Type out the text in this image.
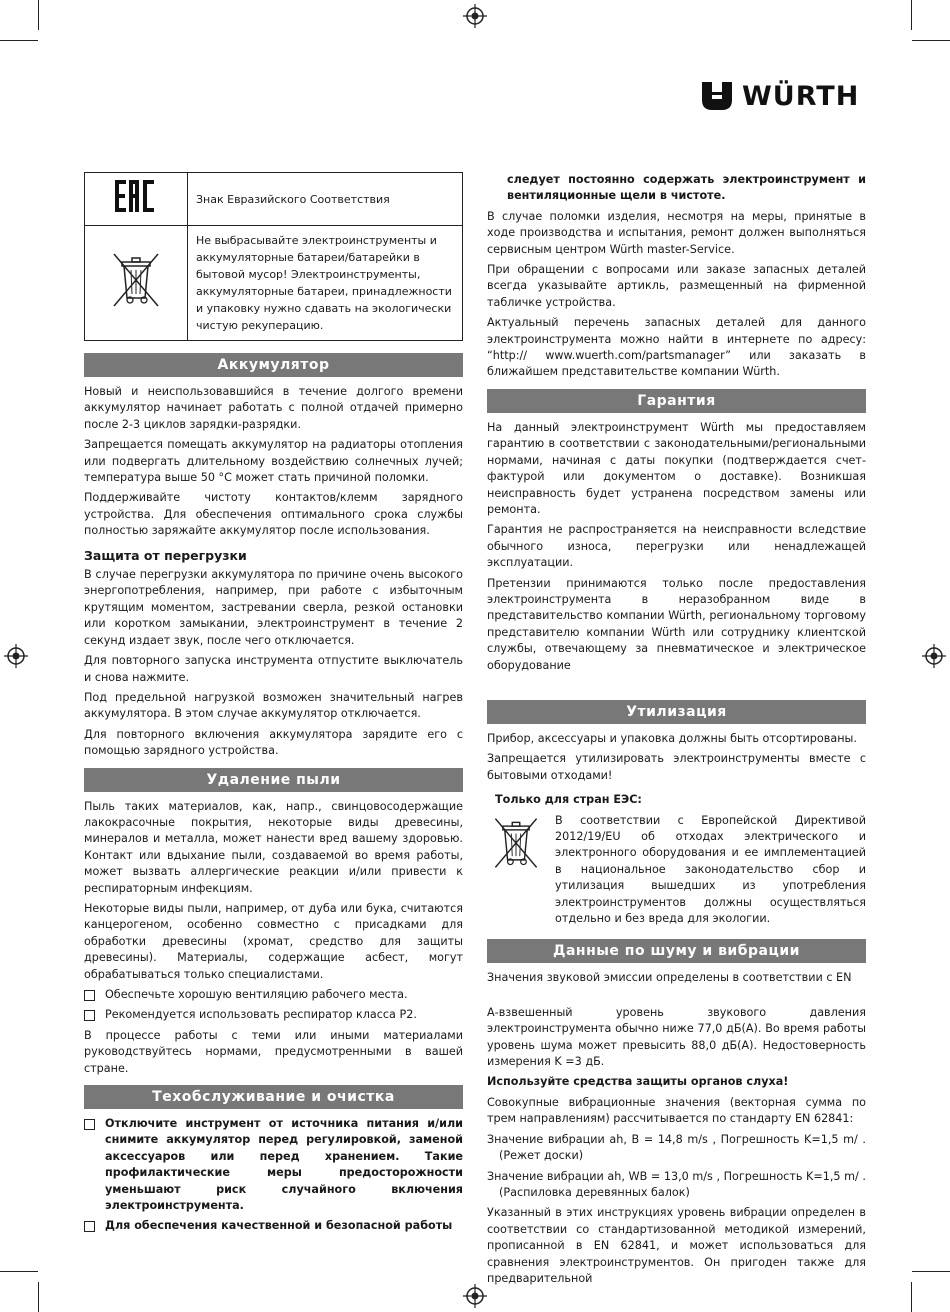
WÜRTH
	Знак Евразийского Соответствия
	Не выбрасывайте электроинструменты и аккумуляторные батареи/батарейки в бытовой мусор! Электроинструменты, аккумуляторные батареи, принадлежности и упаковку нужно сдавать на экологически чистую рекуперацию.
Аккумулятор

Новый и неиспользовавшийся в течение долгого времени аккумулятор начинает работать с полной отдачей примерно после 2-3 циклов зарядки-разрядки.

Запрещается помещать аккумулятор на радиаторы отопления или подвергать длительному воздействию солнечных лучей; температура выше 50 °С может стать причиной поломки.

Поддерживайте чистоту контактов/клемм зарядного устройства. Для обеспечения оптимального срока службы полностью заряжайте аккумулятор после использования.

Защита от перегрузки

В случае перегрузки аккумулятора по причине очень высокого энергопотребления, например, при работе с избыточным крутящим моментом, застревании сверла, резкой остановки или коротком замыкании, электроинструмент в течение 2 секунд издает звук, после чего отключается.

Для повторного запуска инструмента отпустите выключатель и снова нажмите.

Под предельной нагрузкой возможен значительный нагрев аккумулятора. В этом случае аккумулятор отключается.

Для повторного включения аккумулятора зарядите его с помощью зарядного устройства.

Удаление пыли

Пыль таких материалов, как, напр., свинцовосодержащие лакокрасочные покрытия, некоторые виды древесины, минералов и металла, может нанести вред вашему здоровью. Контакт или вдыхание пыли, создаваемой во время работы, может вызвать аллергические реакции и/или привести к респираторным инфекциям.

Некоторые виды пыли, например, от дуба или бука, считаются канцерогеном, особенно совместно с присадками для обработки древесины (хромат, средство для защиты древесины). Материалы, содержащие асбест, могут обрабатываться только специалистами.

Обеспечьте хорошую вентиляцию рабочего места.

Рекомендуется использовать респиратор класса Р2.

В процессе работы с теми или иными материалами руководствуйтесь нормами, предусмотренными в вашей стране.

Техобслуживание и очистка

Отключите инструмент от источника питания и/или снимите аккумулятор перед регулировкой, заменой аксессуаров или перед хранением. Такие профилактические меры предосторожности уменьшают риск случайного включения электроинструмента.

Для обеспечения качественной и безопасной работы

следует постоянно содержать электроинструмент и вентиляционные щели в чистоте.

В случае поломки изделия, несмотря на меры, принятые в ходе производства и испытания, ремонт должен выполняться сервисным центром Würth master-Service.

При обращении с вопросами или заказе запасных деталей всегда указывайте артикль, размещенный на фирменной табличке устройства.

Актуальный перечень запасных деталей для данного электроинструмента можно найти в интернете по адресу: “http:// www.wuerth.com/partsmanager” или заказать в ближайшем представительстве компании Würth.

Гарантия

На данный электроинструмент Würth мы предоставляем гарантию в соответствии с законодательными/региональными нормами, начиная с даты покупки (подтверждается счет-фактурой или документом о доставке). Возникшая неисправность будет устранена посредством замены или ремонта.

Гарантия не распространяется на неисправности вследствие обычного износа, перегрузки или ненадлежащей эксплуатации.

Претензии принимаются только после предоставления электроинструмента в неразобранном виде в представительство компании Würth, региональному торговому представителю компании Würth или сотруднику клиентской службы, отвечающему за пневматическое и электрическое оборудование

Утилизация

Прибор, аксессуары и упаковка должны быть отсортированы.

Запрещается утилизировать электроинструменты вместе с бытовыми отходами!

Только для стран ЕЭС:

В соответствии с Европейской Директивой 2012/19/EU об отходах электрического и электронного оборудования и ее имплементацией в национальное законодательство сбор и утилизация вышедших из употребления электроинструментов должны осуществляться отдельно и без вреда для экологии.

Данные по шуму и вибрации

Значения звуковой эмиссии определены в соответствии с EN

А-взвешенный уровень звукового давления электроинструмента обычно ниже 77,0 дБ(A). Во время работы уровень шума может превысить 88,0 дБ(A). Недостоверность измерения K =3 дБ.

Используйте средства защиты органов слуха!

Совокупные вибрационные значения (векторная сумма по трем направлениям) рассчитывается по стандарту EN 62841:

Значение вибрации ah, B = 14,8 m/s , Погрешность K=1,5 m/ .(Режет доски)

Значение вибрации ah, WB = 13,0 m/s , Погрешность K=1,5 m/ .(Распиловка деревянных балок)

Указанный в этих инструкциях уровень вибрации определен в соответствии со стандартизованной методикой измерений, прописанной в EN 62841, и может использоваться для сравнения электроинструментов. Он пригоден также для предварительной
